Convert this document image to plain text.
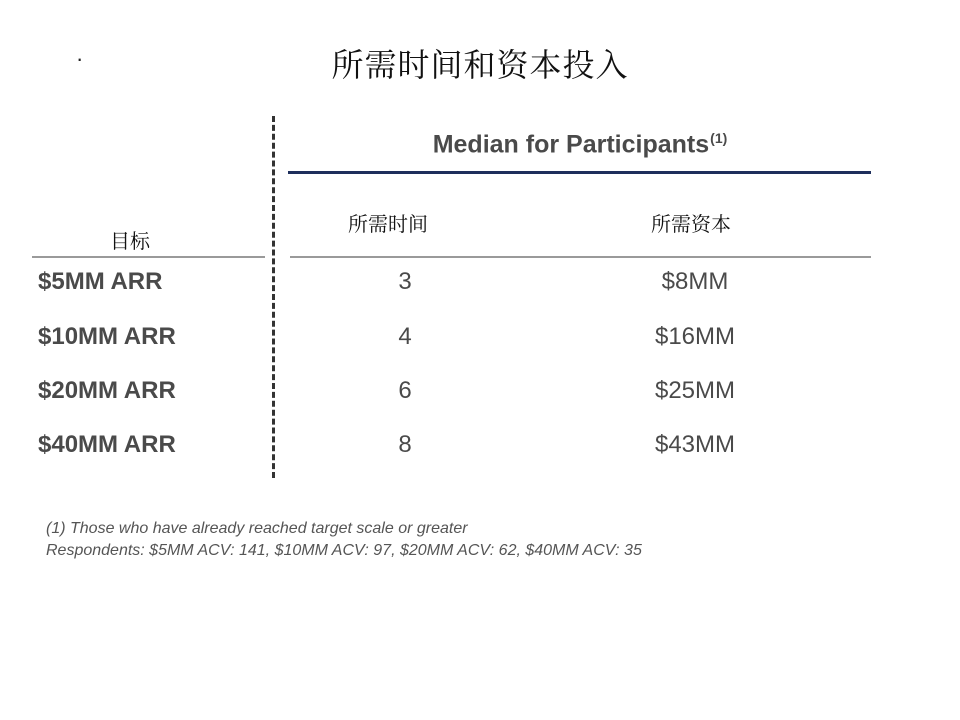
·	所需时间和资本投入
Median for Participants$^{(1)}$
目标
所需时间	所需资本
$5MM ARR	3	$8MM
$10MM ARR	4	$16MM
$20MM ARR	6	$25MM
$40MM ARR	8	$43MM
(1) Those who have already reached target scale or greater
Respondents: $5MM ACV: 141, $10MM ACV: 97, $20MM ACV: 62, $40MM ACV: 35
